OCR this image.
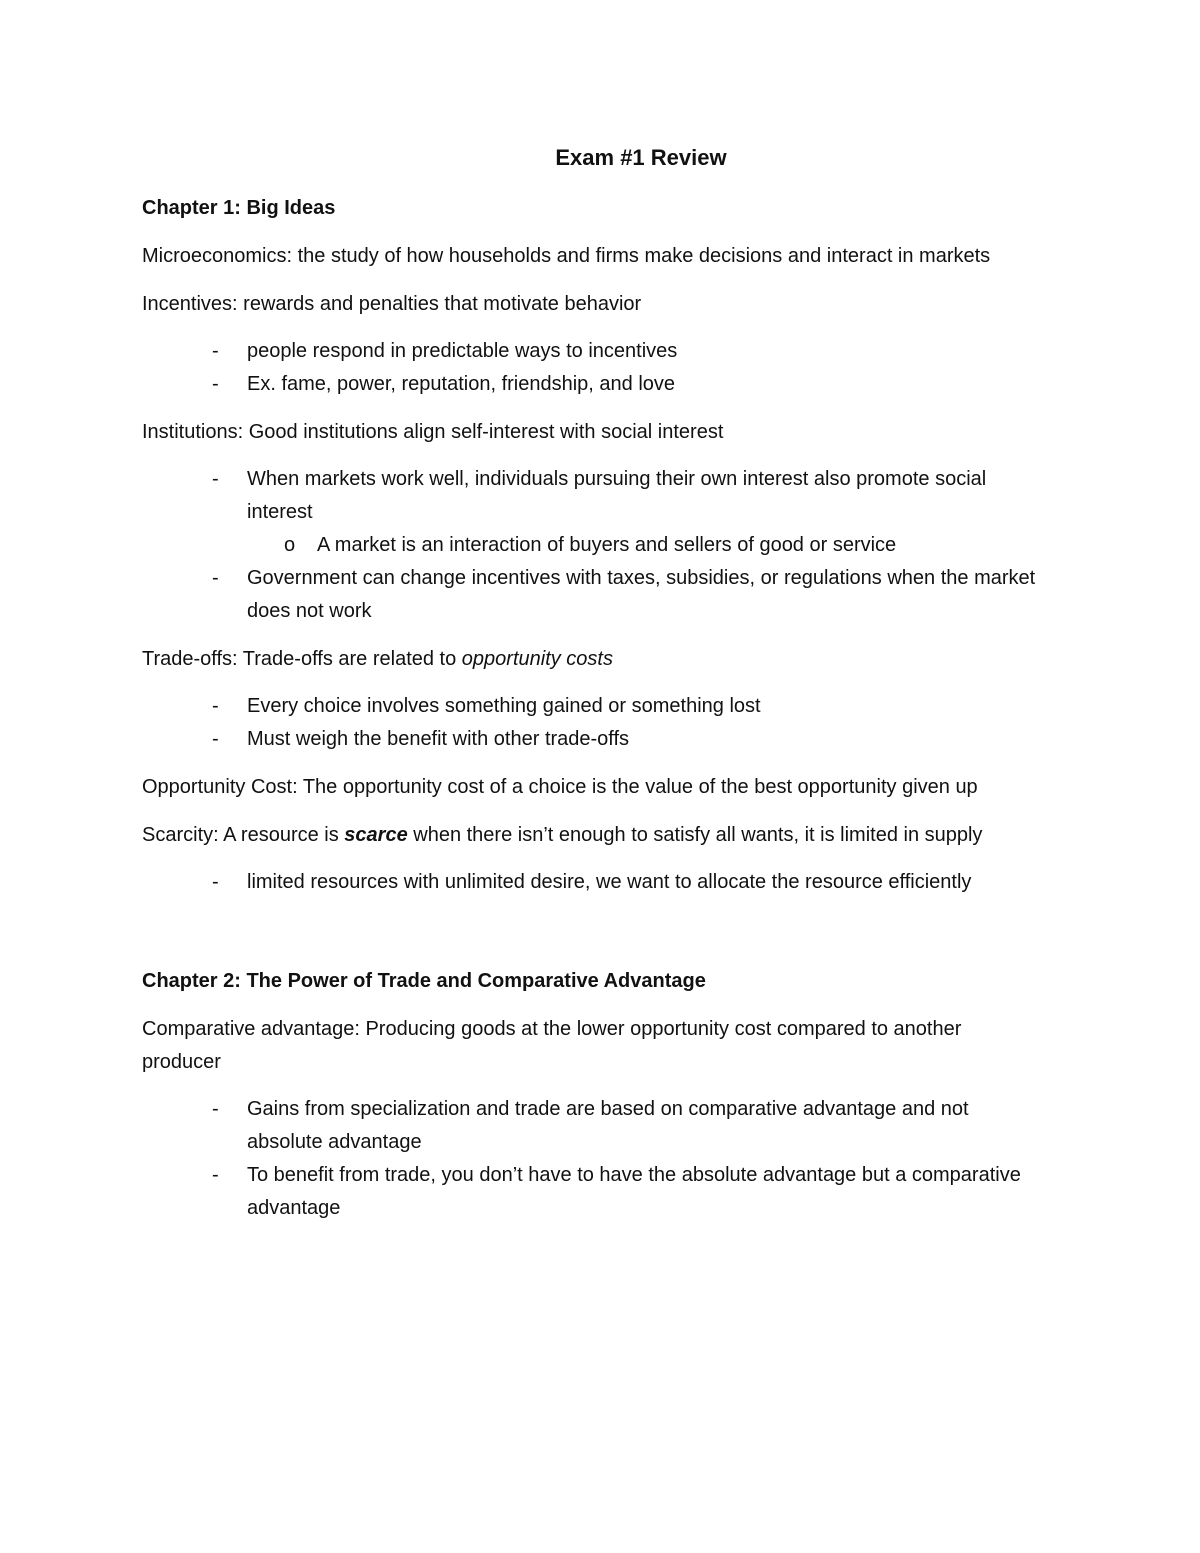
Exam #1 Review
Chapter 1: Big Ideas

Microeconomics: the study of how households and firms make decisions and interact in markets

Incentives: rewards and penalties that motivate behavior

- people respond in predictable ways to incentives
- Ex. fame, power, reputation, friendship, and love

Institutions: Good institutions align self-interest with social interest

- When markets work well, individuals pursuing their own interest also promote social interest
o A market is an interaction of buyers and sellers of good or service
- Government can change incentives with taxes, subsidies, or regulations when the market does not work

Trade-offs: Trade-offs are related to opportunity costs

- Every choice involves something gained or something lost
- Must weigh the benefit with other trade-offs

Opportunity Cost: The opportunity cost of a choice is the value of the best opportunity given up

Scarcity: A resource is scarce when there isn’t enough to satisfy all wants, it is limited in supply

- limited resources with unlimited desire, we want to allocate the resource efficiently
Chapter 2: The Power of Trade and Comparative Advantage

Comparative advantage: Producing goods at the lower opportunity cost compared to another producer

- Gains from specialization and trade are based on comparative advantage and not absolute advantage
- To benefit from trade, you don’t have to have the absolute advantage but a comparative advantage
